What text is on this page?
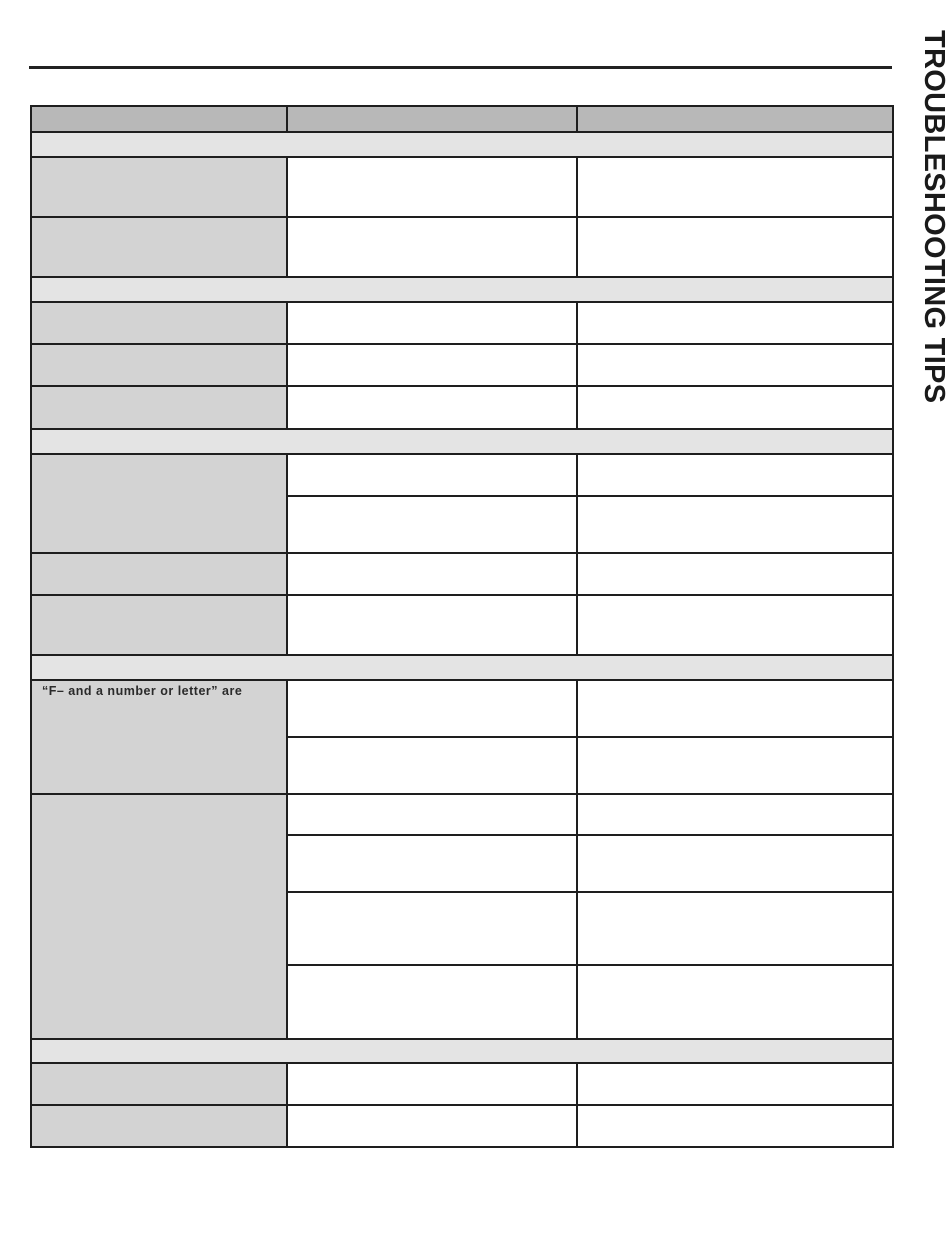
TROUBLESHOOTING TIPS

“F– and a number or letter” are		
